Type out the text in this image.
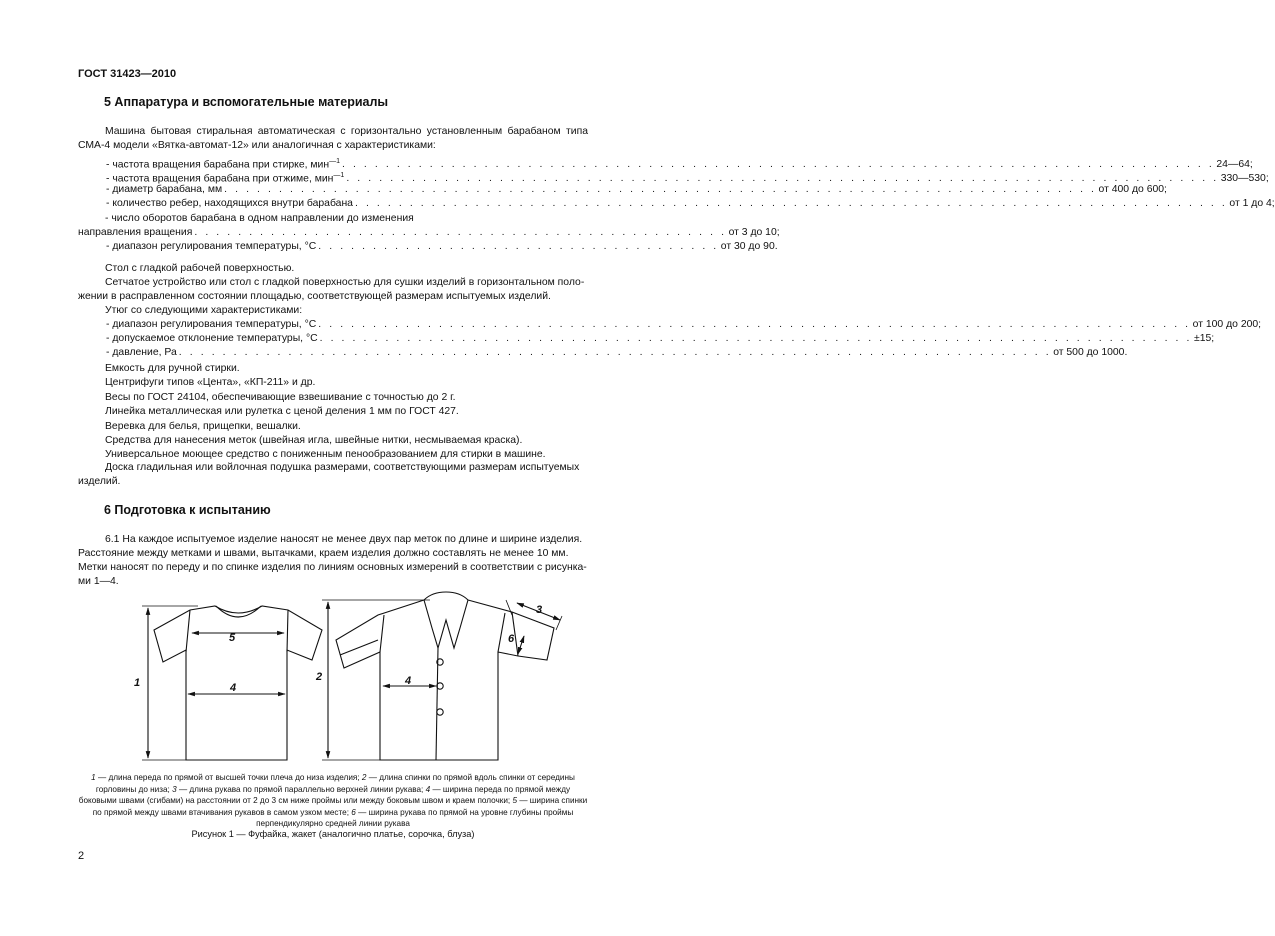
ГОСТ 31423—2010
5 Аппаратура и вспомогательные материалы
Машина бытовая стиральная автоматическая с горизонтально установленным барабаном типа СМА-4 модели «Вятка-автомат-12» или аналогичная с характеристиками:
- частота вращения барабана при стирке, мин$^{—1}$ . . . . . . . . . . . . . . . . . . . . . . . . . . . . . . . . . . . . . . . . . . . . . . . . . . . . . . . . . . . . . . . . . . . . . . . . . . . . . . . . 24—64;
- частота вращения барабана при отжиме, мин$^{—1}$ . . . . . . . . . . . . . . . . . . . . . . . . . . . . . . . . . . . . . . . . . . . . . . . . . . . . . . . . . . . . . . . . . . . . . . . . . . . . . . . . 330—530;
- диаметр барабана, мм . . . . . . . . . . . . . . . . . . . . . . . . . . . . . . . . . . . . . . . . . . . . . . . . . . . . . . . . . . . . . . . . . . . . . . . . . . . . . . . . от 400 до 600;
- количество ребер, находящихся внутри барабана . . . . . . . . . . . . . . . . . . . . . . . . . . . . . . . . . . . . . . . . . . . . . . . . . . . . . . . . . . . . . . . . . . . . . . . . . . . . . . . . от 1 до 4;
- число оборотов барабана в одном направлении до изменения
направления вращения . . . . . . . . . . . . . . . . . . . . . . . . . . . . . . . . . . . . . . . . . . . . . . . . . от 3 до 10;
- диапазон регулирования температуры, °С . . . . . . . . . . . . . . . . . . . . . . . . . . . . . . . . . . . . . от 30 до 90.
Стол с гладкой рабочей поверхностью.
Сетчатое устройство или стол с гладкой поверхностью для сушки изделий в горизонтальном поло-
жении в расправленном состоянии площадью, соответствующей размерам испытуемых изделий.
Утюг со следующими характеристиками:
- диапазон регулирования температуры, °С . . . . . . . . . . . . . . . . . . . . . . . . . . . . . . . . . . . . . . . . . . . . . . . . . . . . . . . . . . . . . . . . . . . . . . . . . . . . . . . . от 100 до 200;
- допускаемое отклонение температуры, °С . . . . . . . . . . . . . . . . . . . . . . . . . . . . . . . . . . . . . . . . . . . . . . . . . . . . . . . . . . . . . . . . . . . . . . . . . . . . . . . . ±15;
- давление, Ра . . . . . . . . . . . . . . . . . . . . . . . . . . . . . . . . . . . . . . . . . . . . . . . . . . . . . . . . . . . . . . . . . . . . . . . . . . . . . . . . от 500 до 1000.
Емкость для ручной стирки.
Центрифуги типов «Цента», «КП-211» и др.
Весы по ГОСТ 24104, обеспечивающие взвешивание с точностью до 2 г.
Линейка металлическая или рулетка с ценой деления 1 мм по ГОСТ 427.
Веревка для белья, прищепки, вешалки.
Средства для нанесения меток (швейная игла, швейные нитки, несмываемая краска).
Универсальное моющее средство с пониженным пенообразованием для стирки в машине.
Доска гладильная или войлочная подушка размерами, соответствующими размерам испытуемых
изделий.
6 Подготовка к испытанию
6.1 На каждое испытуемое изделие наносят не менее двух пар меток по длине и ширине изделия.
Расстояние между метками и швами, вытачками, краем изделия должно составлять не менее 10 мм.
Метки наносят по переду и по спинке изделия по линиям основных измерений в соответствии с рисунка-
ми 1—4.
1
5
4
2	4
3
6
1 — длина переда по прямой от высшей точки плеча до низа изделия; 2 — длина спинки по прямой вдоль спинки от середины горловины до низа; 3 — длина рукава по прямой параллельно верхней линии рукава; 4 — ширина переда по прямой между боковыми швами (сгибами) на расстоянии от 2 до 3 см ниже проймы или между боковым швом и краем полочки; 5 — ширина спинки по прямой между швами втачивания рукавов в самом узком месте; 6 — ширина рукава по прямой на уровне глубины проймы перпендикулярно средней линии рукава
Рисунок 1 — Фуфайка, жакет (аналогично платье, сорочка, блуза)
2
